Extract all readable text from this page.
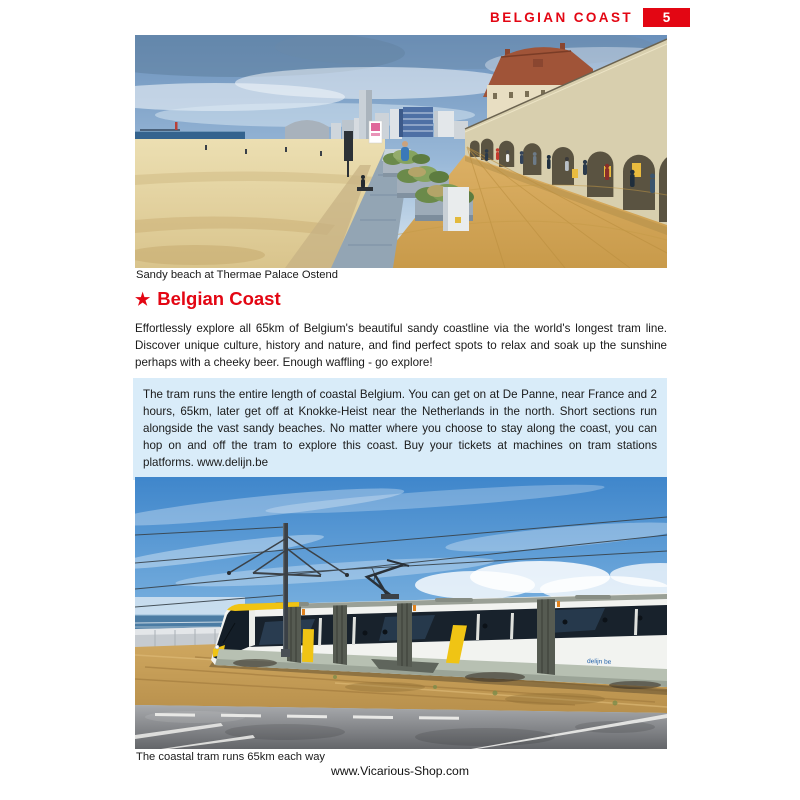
BELGIAN COAST	5
Sandy beach at Thermae Palace Ostend
★ Belgian Coast

Effortlessly explore all 65km of Belgium's beautiful sandy coastline via the world's longest tram line. Discover unique culture, history and nature, and find perfect spots to relax and soak up the sunshine perhaps with a cheeky beer. Enough waffling - go explore!

The tram runs the entire length of coastal Belgium. You can get on at De Panne, near France and 2 hours, 65km, later get off at Knokke-Heist near the Netherlands in the north. Short sections run alongside the vast sandy beaches. No matter where you choose to stay along the coast, you can hop on and off the tram to explore this coast. Buy your tickets at machines on tram stations platforms. www.delijn.be

delijn be
The coastal tram runs 65km each way
www.Vicarious-Shop.com
